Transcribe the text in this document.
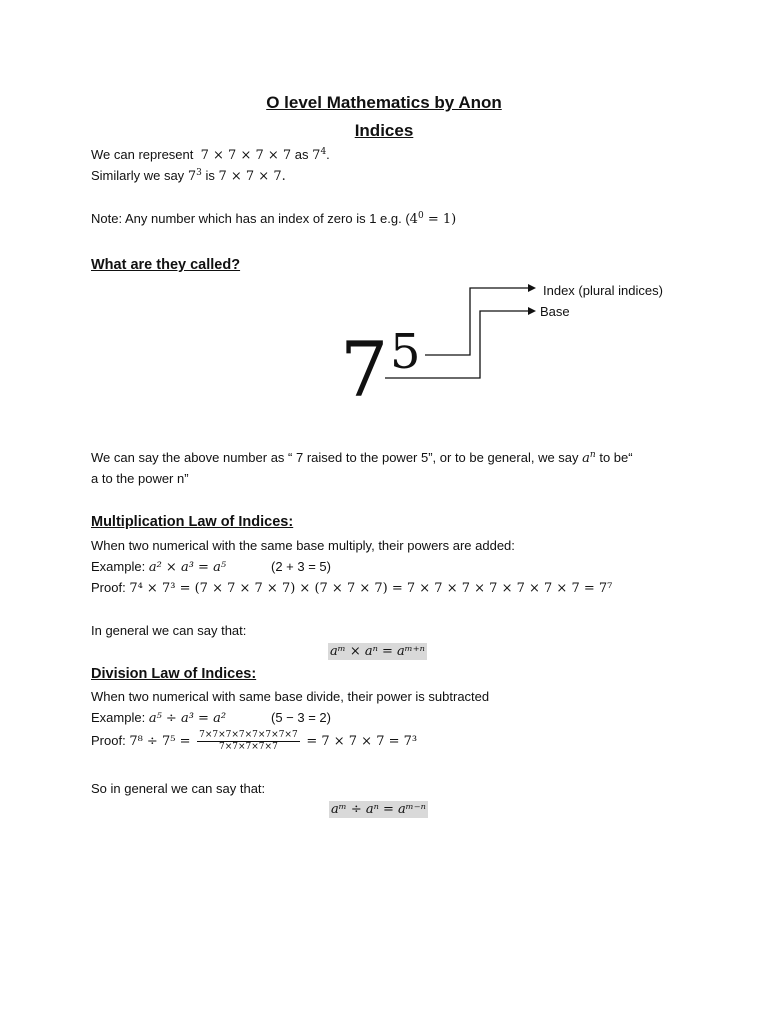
O level Mathematics by Anon
Indices
We can represent 7 × 7 × 7 × 7 as $7^4$.
Similarly we say $7^3$ is 7 × 7 × 7.
Note: Any number which has an index of zero is 1 e.g. $(4^0 = 1)$
What are they called?
7 5
Index (plural indices)
Base
We can say the above number as “ 7 raised to the power 5”, or to be general, we say $a^n$ to be“
a to the power n”
Multiplication Law of Indices:
When two numerical with the same base multiply, their powers are added:
Example: a² × a³ = a⁵	(2 + 3 = 5)
Proof: 7⁴ × 7³ = (7 × 7 × 7 × 7) × (7 × 7 × 7) = 7 × 7 × 7 × 7 × 7 × 7 × 7 = 7⁷
In general we can say that:
aᵐ × aⁿ = aᵐ⁺ⁿ
Division Law of Indices:
When two numerical with same base divide, their power is subtracted
Example: a⁵ ÷ a³ = a²	(5 − 3 = 2)
Proof: $7^8 \div 7^5 = \frac{7\times 7\times 7\times 7\times 7\times 7\times 7\times 7}{7\times 7\times 7\times 7\times 7} = 7 \times 7 \times 7 = 7^3$
So in general we can say that:
aᵐ ÷ aⁿ = aᵐ⁻ⁿ
